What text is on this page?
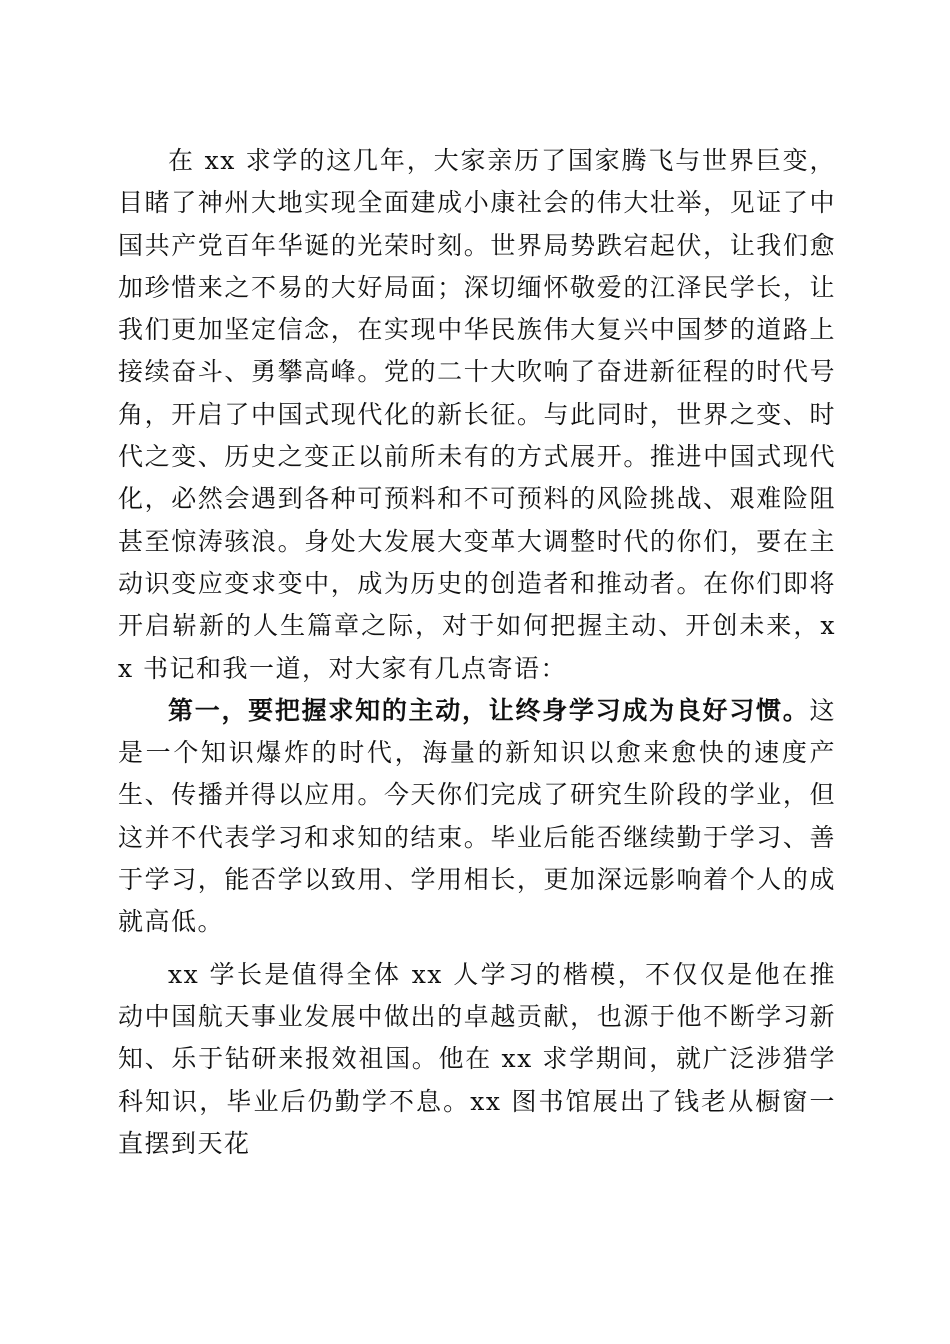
在 xx 求学的这几年，大家亲历了国家腾飞与世界巨变，目睹了神州大地实现全面建成小康社会的伟大壮举，见证了中国共产党百年华诞的光荣时刻。世界局势跌宕起伏，让我们愈加珍惜来之不易的大好局面；深切缅怀敬爱的江泽民学长，让我们更加坚定信念，在实现中华民族伟大复兴中国梦的道路上接续奋斗、勇攀高峰。党的二十大吹响了奋进新征程的时代号角，开启了中国式现代化的新长征。与此同时，世界之变、时代之变、历史之变正以前所未有的方式展开。推进中国式现代化，必然会遇到各种可预料和不可预料的风险挑战、艰难险阻甚至惊涛骇浪。身处大发展大变革大调整时代的你们，要在主动识变应变求变中，成为历史的创造者和推动者。在你们即将开启崭新的人生篇章之际，对于如何把握主动、开创未来，xx 书记和我一道，对大家有几点寄语：

第一，要把握求知的主动，让终身学习成为良好习惯。这是一个知识爆炸的时代，海量的新知识以愈来愈快的速度产生、传播并得以应用。今天你们完成了研究生阶段的学业，但这并不代表学习和求知的结束。毕业后能否继续勤于学习、善于学习，能否学以致用、学用相长，更加深远影响着个人的成就高低。

xx 学长是值得全体 xx 人学习的楷模，不仅仅是他在推动中国航天事业发展中做出的卓越贡献，也源于他不断学习新知、乐于钻研来报效祖国。他在 xx 求学期间，就广泛涉猎学科知识，毕业后仍勤学不息。xx 图书馆展出了钱老从橱窗一直摆到天花
